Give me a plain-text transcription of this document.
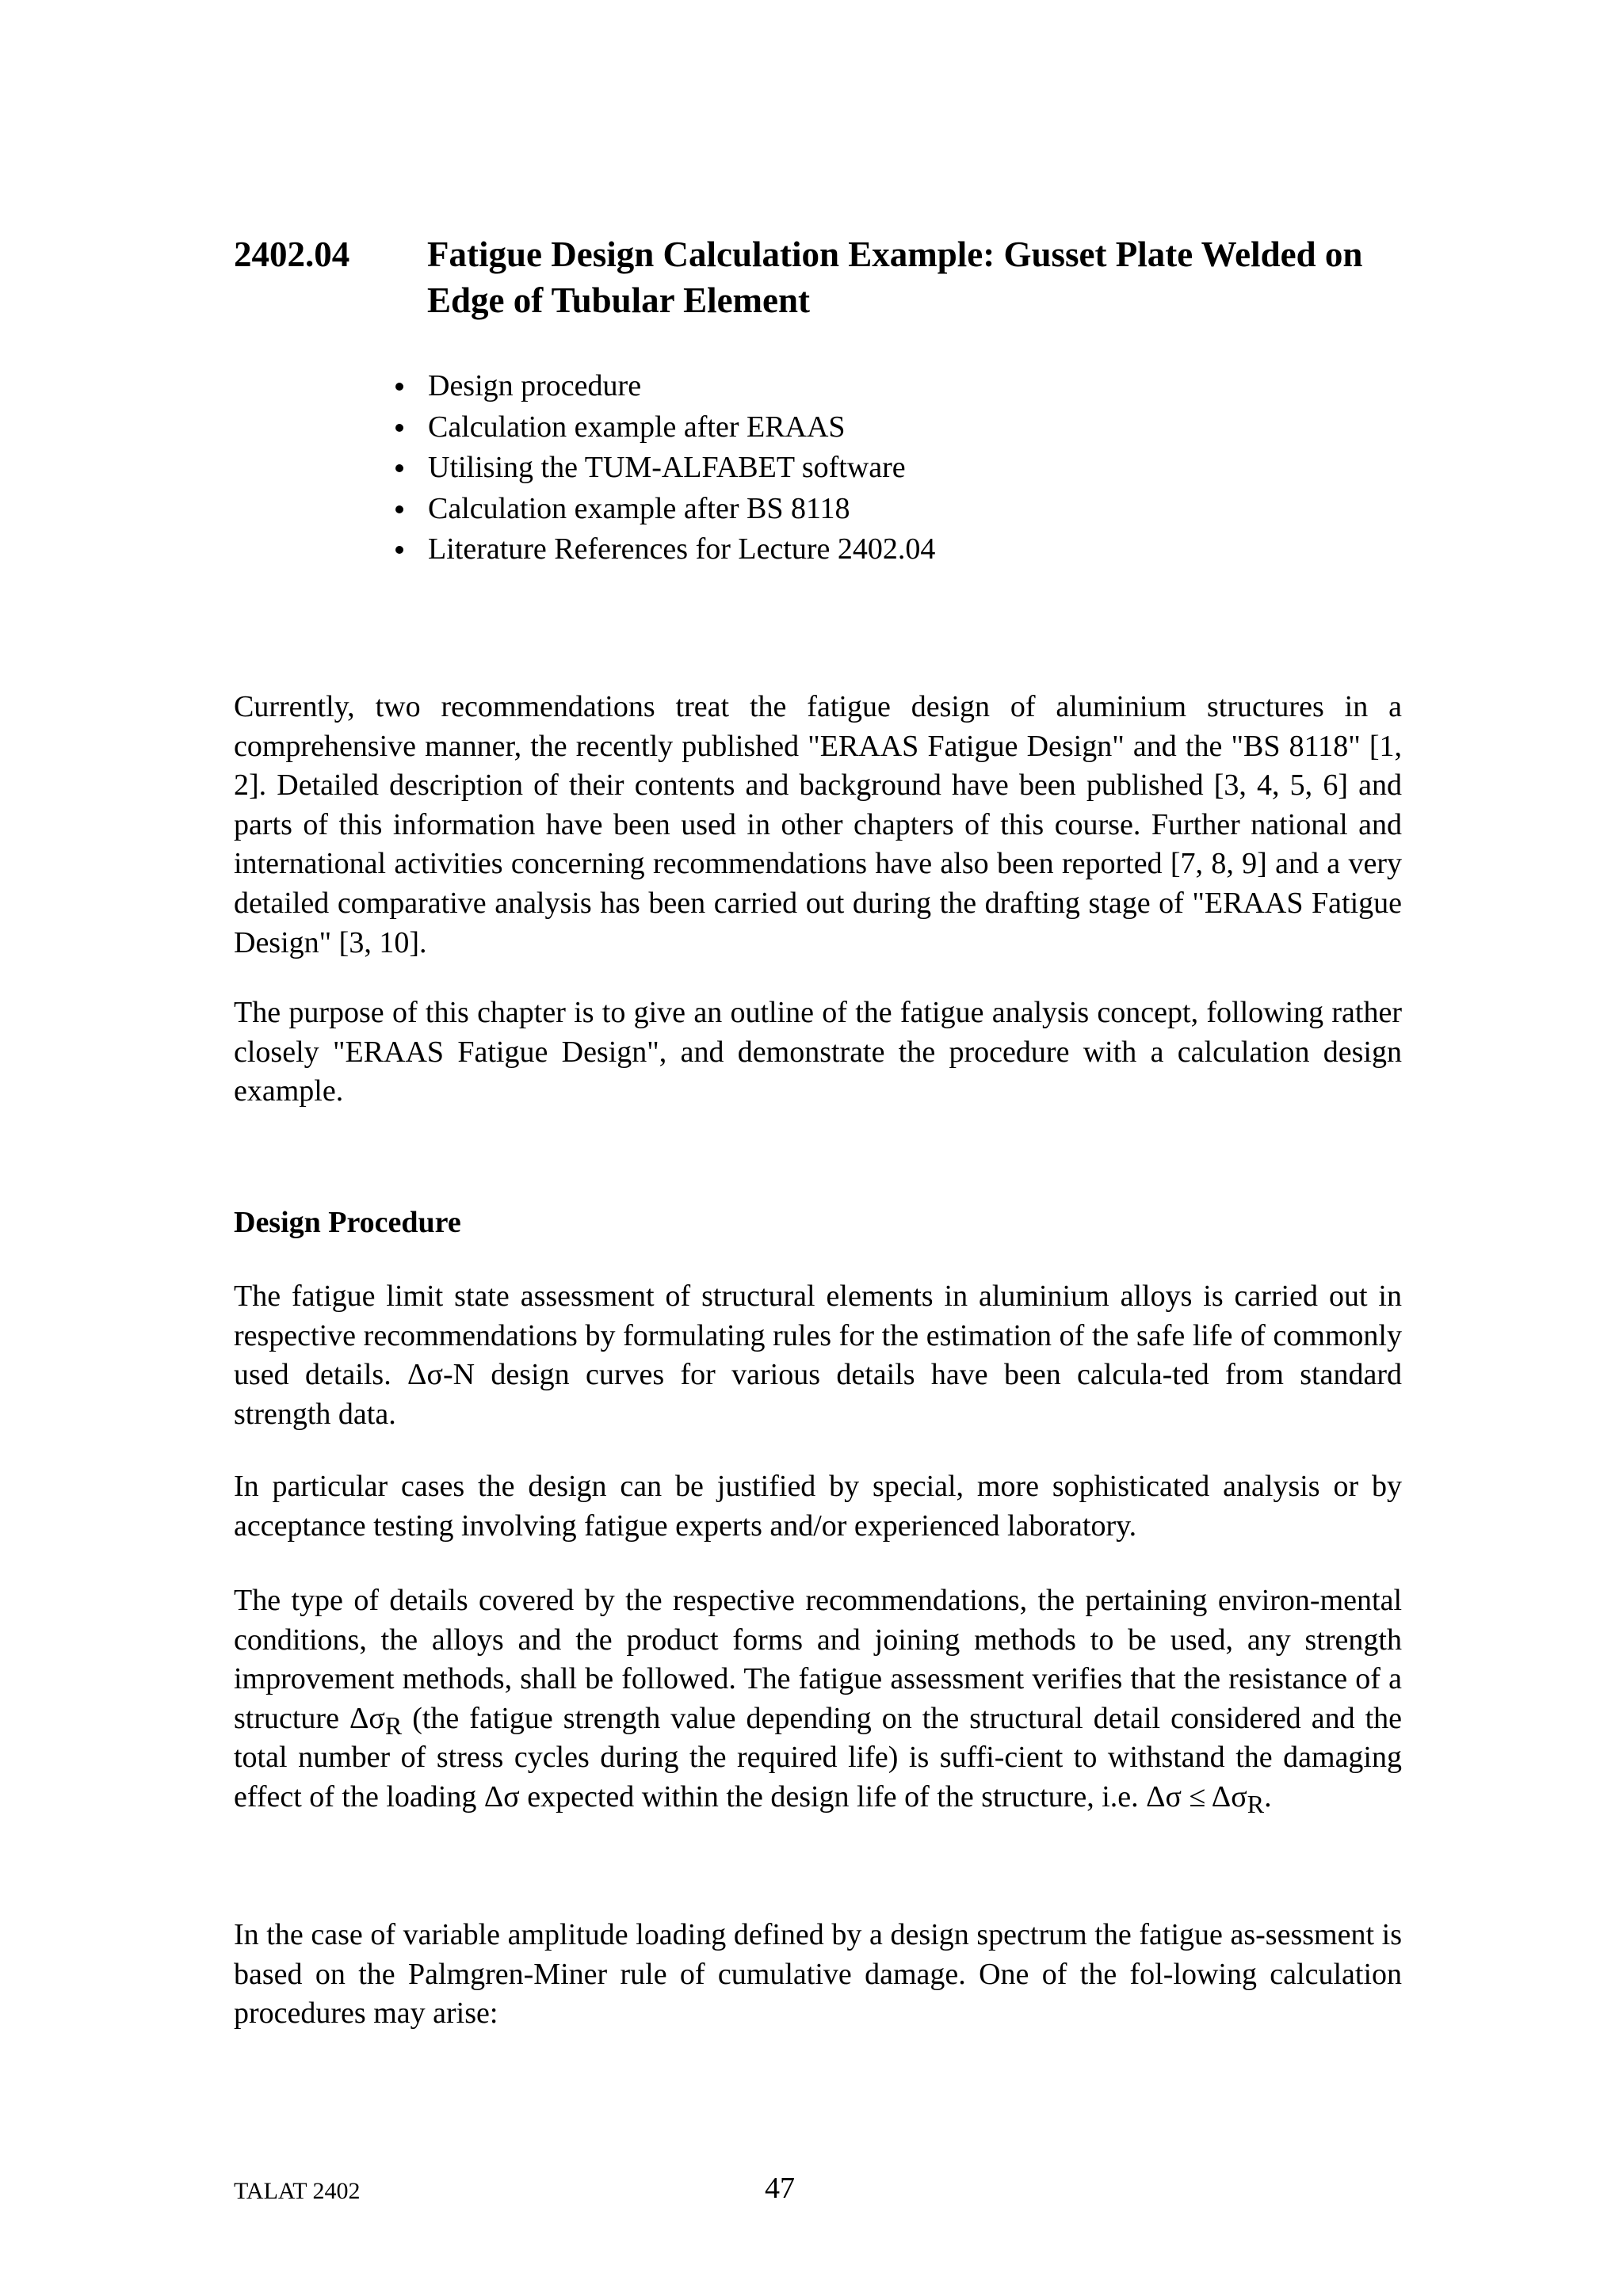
2402.04 Fatigue Design Calculation Example: Gusset Plate Welded on Edge of Tubular Element
Design procedure
Calculation example after ERAAS
Utilising the TUM-ALFABET software
Calculation example after BS 8118
Literature References for Lecture 2402.04

Currently, two recommendations treat the fatigue design of aluminium structures in a comprehensive manner, the recently published "ERAAS Fatigue Design" and the "BS 8118" [1, 2]. Detailed description of their contents and background have been published [3, 4, 5, 6] and parts of this information have been used in other chapters of this course. Further national and international activities concerning recommendations have also been reported [7, 8, 9] and a very detailed comparative analysis has been carried out during the drafting stage of "ERAAS Fatigue Design" [3, 10].

The purpose of this chapter is to give an outline of the fatigue analysis concept, following rather closely "ERAAS Fatigue Design", and demonstrate the procedure with a calculation design example.

Design Procedure

The fatigue limit state assessment of structural elements in aluminium alloys is carried out in respective recommendations by formulating rules for the estimation of the safe life of commonly used details. Δσ-N design curves for various details have been calcula-ted from standard strength data.

In particular cases the design can be justified by special, more sophisticated analysis or by acceptance testing involving fatigue experts and/or experienced laboratory.

The type of details covered by the respective recommendations, the pertaining environ-mental conditions, the alloys and the product forms and joining methods to be used, any strength improvement methods, shall be followed. The fatigue assessment verifies that the resistance of a structure $\Delta\sigma_R$ (the fatigue strength value depending on the structural detail considered and the total number of stress cycles during the required life) is suffi-cient to withstand the damaging effect of the loading Δσ expected within the design life of the structure, i.e. $\Delta\sigma \le \Delta\sigma_R$.

In the case of variable amplitude loading defined by a design spectrum the fatigue as-sessment is based on the Palmgren-Miner rule of cumulative damage. One of the fol-lowing calculation procedures may arise:

TALAT 2402	47
